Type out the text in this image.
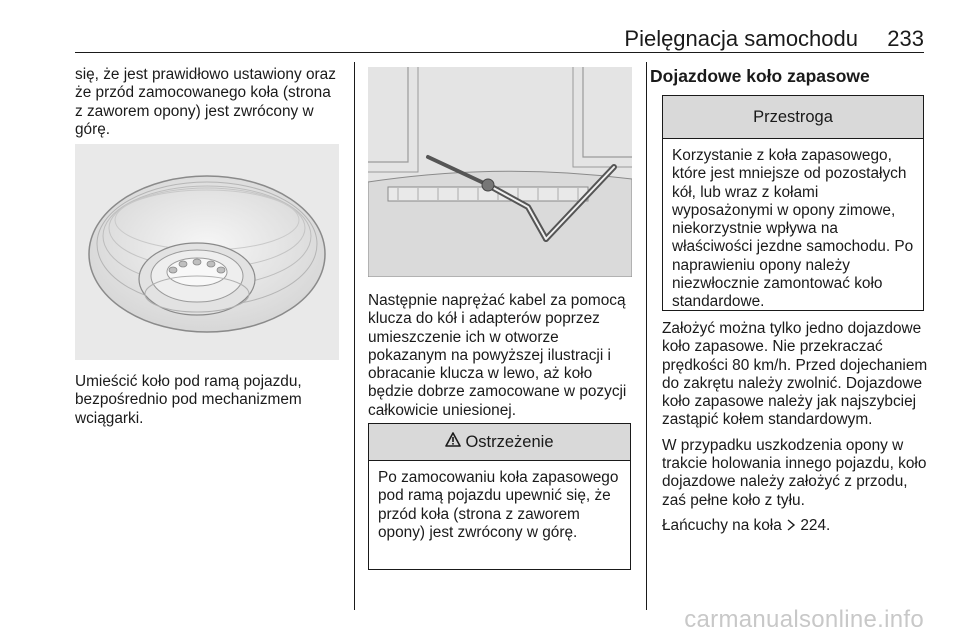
Pielęgnacja samochodu 233

się, że jest prawidłowo ustawiony oraz że przód zamocowanego koła (strona z zaworem opony) jest zwrócony w górę.

Umieścić koło pod ramą pojazdu, bezpośrednio pod mechanizmem wciągarki.

Następnie naprężać kabel za pomocą klucza do kół i adapterów poprzez umieszczenie ich w otworze pokazanym na powyższej ilustracji i obracanie klucza w lewo, aż koło będzie dobrze zamocowane w pozycji całkowicie uniesionej.

Ostrzeżenie
Po zamocowaniu koła zapasowego pod ramą pojazdu upewnić się, że przód koła (strona z zaworem opony) jest zwrócony w górę.
Dojazdowe koło zapasowe
Przestroga
Korzystanie z koła zapasowego, które jest mniejsze od pozostałych kół, lub wraz z kołami wyposażonymi w opony zimowe, niekorzystnie wpływa na właściwości jezdne samochodu. Po naprawieniu opony należy niezwłocznie zamontować koło standardowe.

Założyć można tylko jedno dojazdowe koło zapasowe. Nie przekraczać prędkości 80 km/h. Przed dojechaniem do zakrętu należy zwolnić. Dojazdowe koło zapasowe należy jak najszybciej zastąpić kołem standardowym.

W przypadku uszkodzenia opony w trakcie holowania innego pojazdu, koło dojazdowe należy założyć z przodu, zaś pełne koło z tyłu.

Łańcuchy na koła 224.

carmanualsonline.info
